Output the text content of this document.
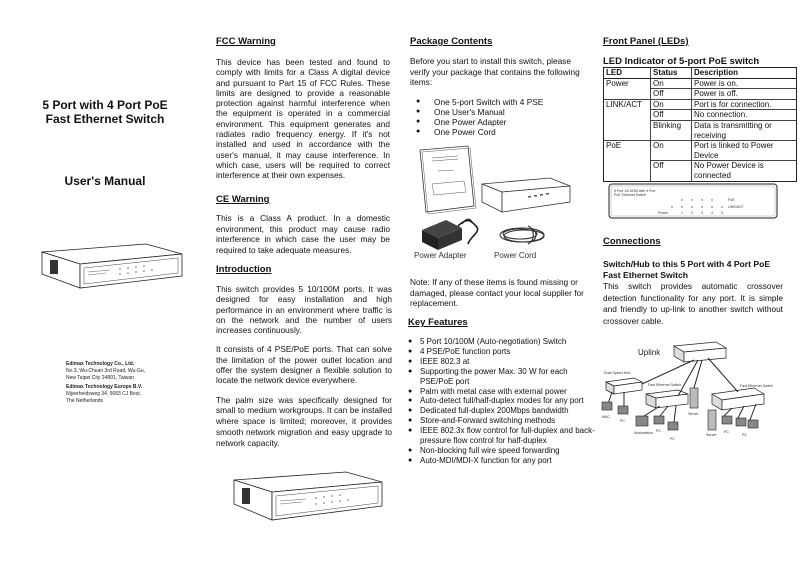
5 Port with 4 Port PoE
Fast Ethernet Switch
User's Manual
Edimax Technology Co., Ltd.
No.3, Wu-Chuan 3rd Road, Wu-Gu,
New Taipei City 24891, Taiwan
Edimax Technology Europe B.V.
Nijverheidsweg 34, 5683 CJ Best,
The Netherlands
FCC Warning

This device has been tested and found to comply with limits for a Class A digital device and pursuant to Part 15 of FCC Rules. These limits are designed to provide a reasonable protection against harmful interference when the equipment is operated in a commercial environment. This equipment generates and radiates radio frequency energy. If it's not installed and used in accordance with the user's manual, it may cause interference. In which case, users will be required to correct interference at their own expenses.

CE Warning

This is a Class A product. In a domestic environment, this product may cause radio interference in which case the user may be required to take adequate measures.

Introduction

This switch provides 5 10/100M ports. It was designed for easy installation and high performance in an environment where traffic is on the network and the number of users increases continuously.

It consists of 4 PSE/PoE ports. That can solve the limitation of the power outlet location and offer the system designer a flexible solution to locate the network device everywhere.

The palm size was specifically designed for small to medium workgroups. It can be installed where space is limited; moreover, it provides smooth network migration and easy upgrade to network capacity.

Package Contents

Before you start to install this switch, please verify your package that contains the following items:

● One 5-port Switch with 4 PSE
● One User's Manual
● One Power Adapter
● One Power Cord
Power Adapter	Power Cord

Note: If any of these items is found missing or damaged, please contact your local supplier for replacement.

Key Features
● 5 Port 10/100M (Auto-negotiation) Switch
● 4 PSE/PoE function ports
● IEEE 802.3 at
● Supporting the power Max. 30 W for each PSE/PoE port
● Palm with metal case with external power
● Auto-detect full/half-duplex modes for any port
● Dedicated full-duplex 200Mbps bandwidth
● Store-and-Forward switching methods
● IEEE 802.3x flow control for full-duplex and back-pressure flow control for half-duplex
● Non-blocking full wire speed forwarding
● Auto-MDI/MDI-X function for any port
Front Panel (LEDs)
LED Indicator of 5-port PoE switch
LED	Status	Description
Power	On	Power is on.
	Off	Power is off.
LINK/ACT	On	Port is for connection.
	Off	No connection.
	Blinking	Data is transmitting or receiving
PoE	On	Port is linked to Power Device
	Off	No Power Device is connected
5 Port 10/100M with 4 Port
PoE Ethernet Switch
PoE
LINK/ACT
Power	1 2 3 4 5
Connections
Switch/Hub to this 5 Port with 4 Port PoE Fast Ethernet Switch

This switch provides automatic crossover detection functionality for any port. It is simple and friendly to up-link to another switch without crossover cable.

Uplink
Dual Speed Hub
Fast Ethernet Switch	Fast Ethernet Switch
MAC
PC
Workstation PC
PC
Server
Server
PC
PC
